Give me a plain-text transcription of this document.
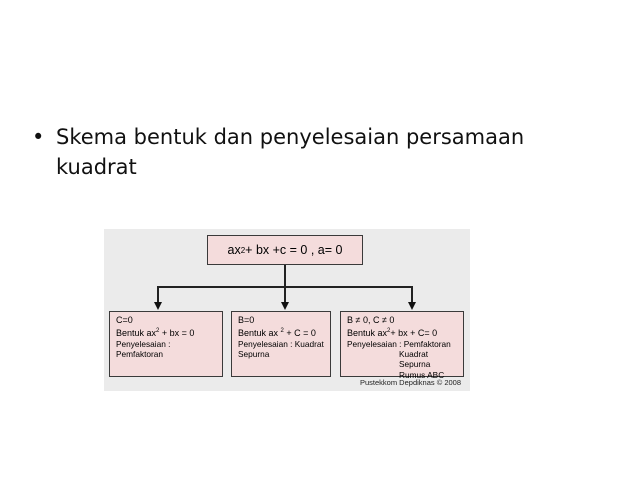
• Skema bentuk dan penyelesaian persamaan kuadrat
ax 2 + bx +c = 0 , a= 0
C=0
Bentuk $ax^2$ + bx = 0
Penyelesaian : Pemfaktoran
B=0
Bentuk ax $^2$ + C = 0
Penyelesaian : Kuadrat
Sepurna
B ≠ 0, C ≠ 0
Bentuk $ax^2+$ bx + C= 0
Penyelesaian : Pemfaktoran
Kuadrat Sepurna
Rumus ABC
Pustekkom Depdiknas © 2008
